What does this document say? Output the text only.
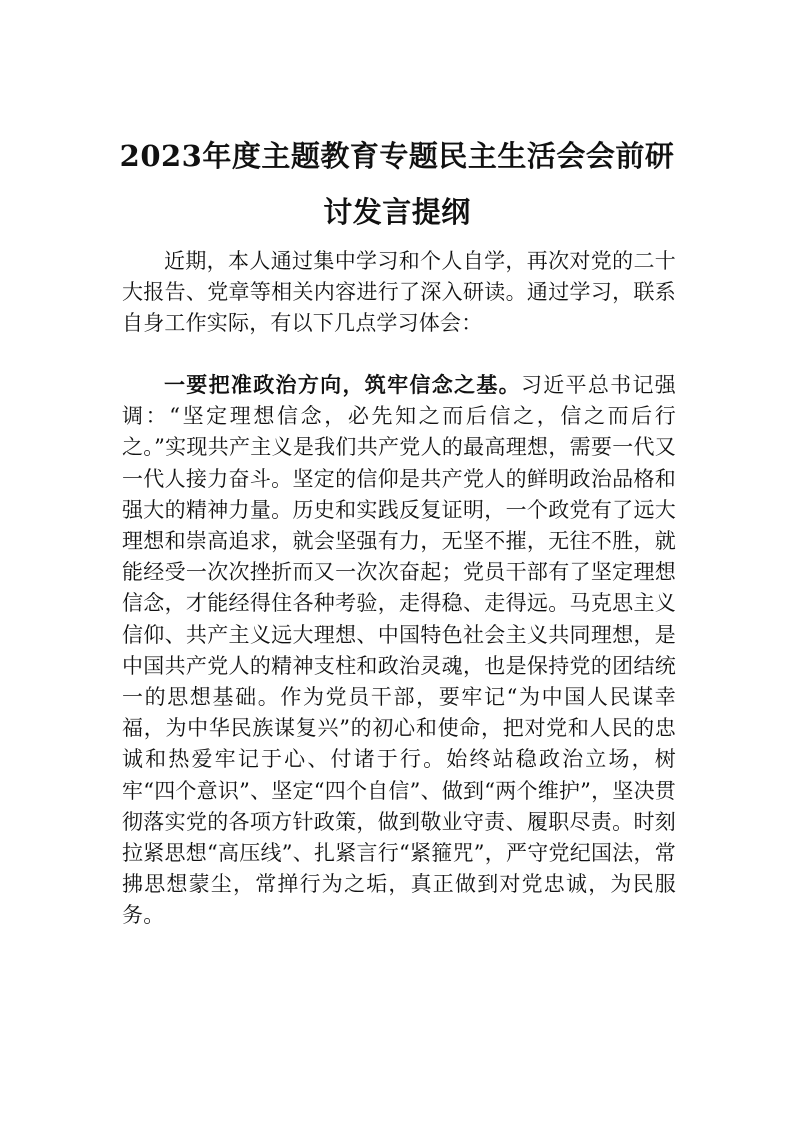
2023年度主题教育专题民主生活会会前研
讨发言提纲

近期，本人通过集中学习和个人自学，再次对党的二十大报告、党章等相关内容进行了深入研读。通过学习，联系自身工作实际，有以下几点学习体会：

一要把准政治方向，筑牢信念之基。习近平总书记强调：“坚定理想信念，必先知之而后信之，信之而后行之。”实现共产主义是我们共产党人的最高理想，需要一代又一代人接力奋斗。坚定的信仰是共产党人的鲜明政治品格和强大的精神力量。历史和实践反复证明，一个政党有了远大理想和崇高追求，就会坚强有力，无坚不摧，无往不胜，就能经受一次次挫折而又一次次奋起；党员干部有了坚定理想信念，才能经得住各种考验，走得稳、走得远。马克思主义信仰、共产主义远大理想、中国特色社会主义共同理想，是中国共产党人的精神支柱和政治灵魂，也是保持党的团结统一的思想基础。作为党员干部，要牢记“为中国人民谋幸福，为中华民族谋复兴”的初心和使命，把对党和人民的忠诚和热爱牢记于心、付诸于行。始终站稳政治立场，树牢“四个意识”、坚定“四个自信”、做到“两个维护”，坚决贯彻落实党的各项方针政策，做到敬业守责、履职尽责。时刻拉紧思想“高压线”、扎紧言行“紧箍咒”，严守党纪国法，常拂思想蒙尘，常掸行为之垢，真正做到对党忠诚，为民服务。
